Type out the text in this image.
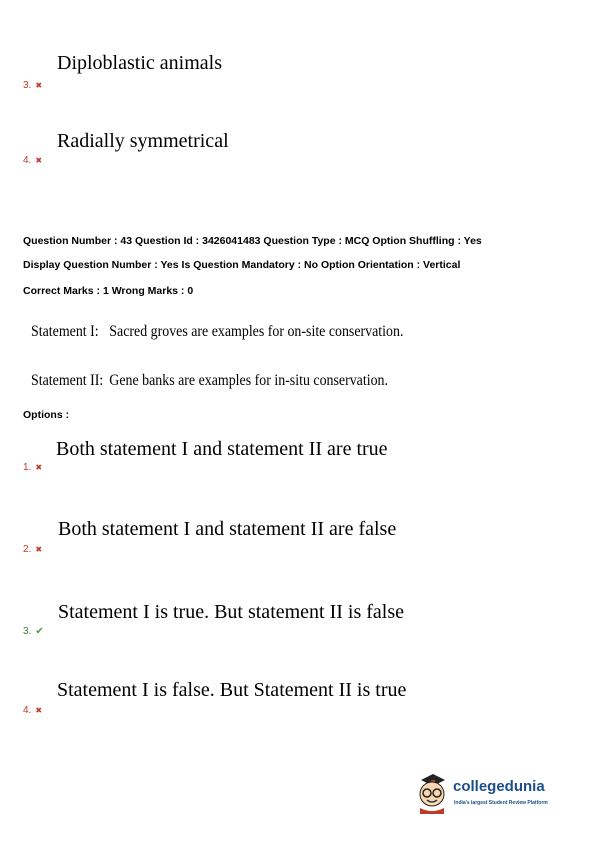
Diploblastic animals
3. ✖
Radially symmetrical
4. ✖
Question Number : 43 Question Id : 3426041483 Question Type : MCQ Option Shuffling : Yes
Display Question Number : Yes Is Question Mandatory : No Option Orientation : Vertical
Correct Marks : 1 Wrong Marks : 0
Statement I: Sacred groves are examples for on-site conservation.
Statement II: Gene banks are examples for in-situ conservation.
Options :
Both statement I and statement II are true
1. ✖
Both statement I and statement II are false
2. ✖
Statement I is true. But statement II is false
3. ✔
Statement I is false. But Statement II is true
4. ✖
collegedunia
India's largest Student Review Platform
